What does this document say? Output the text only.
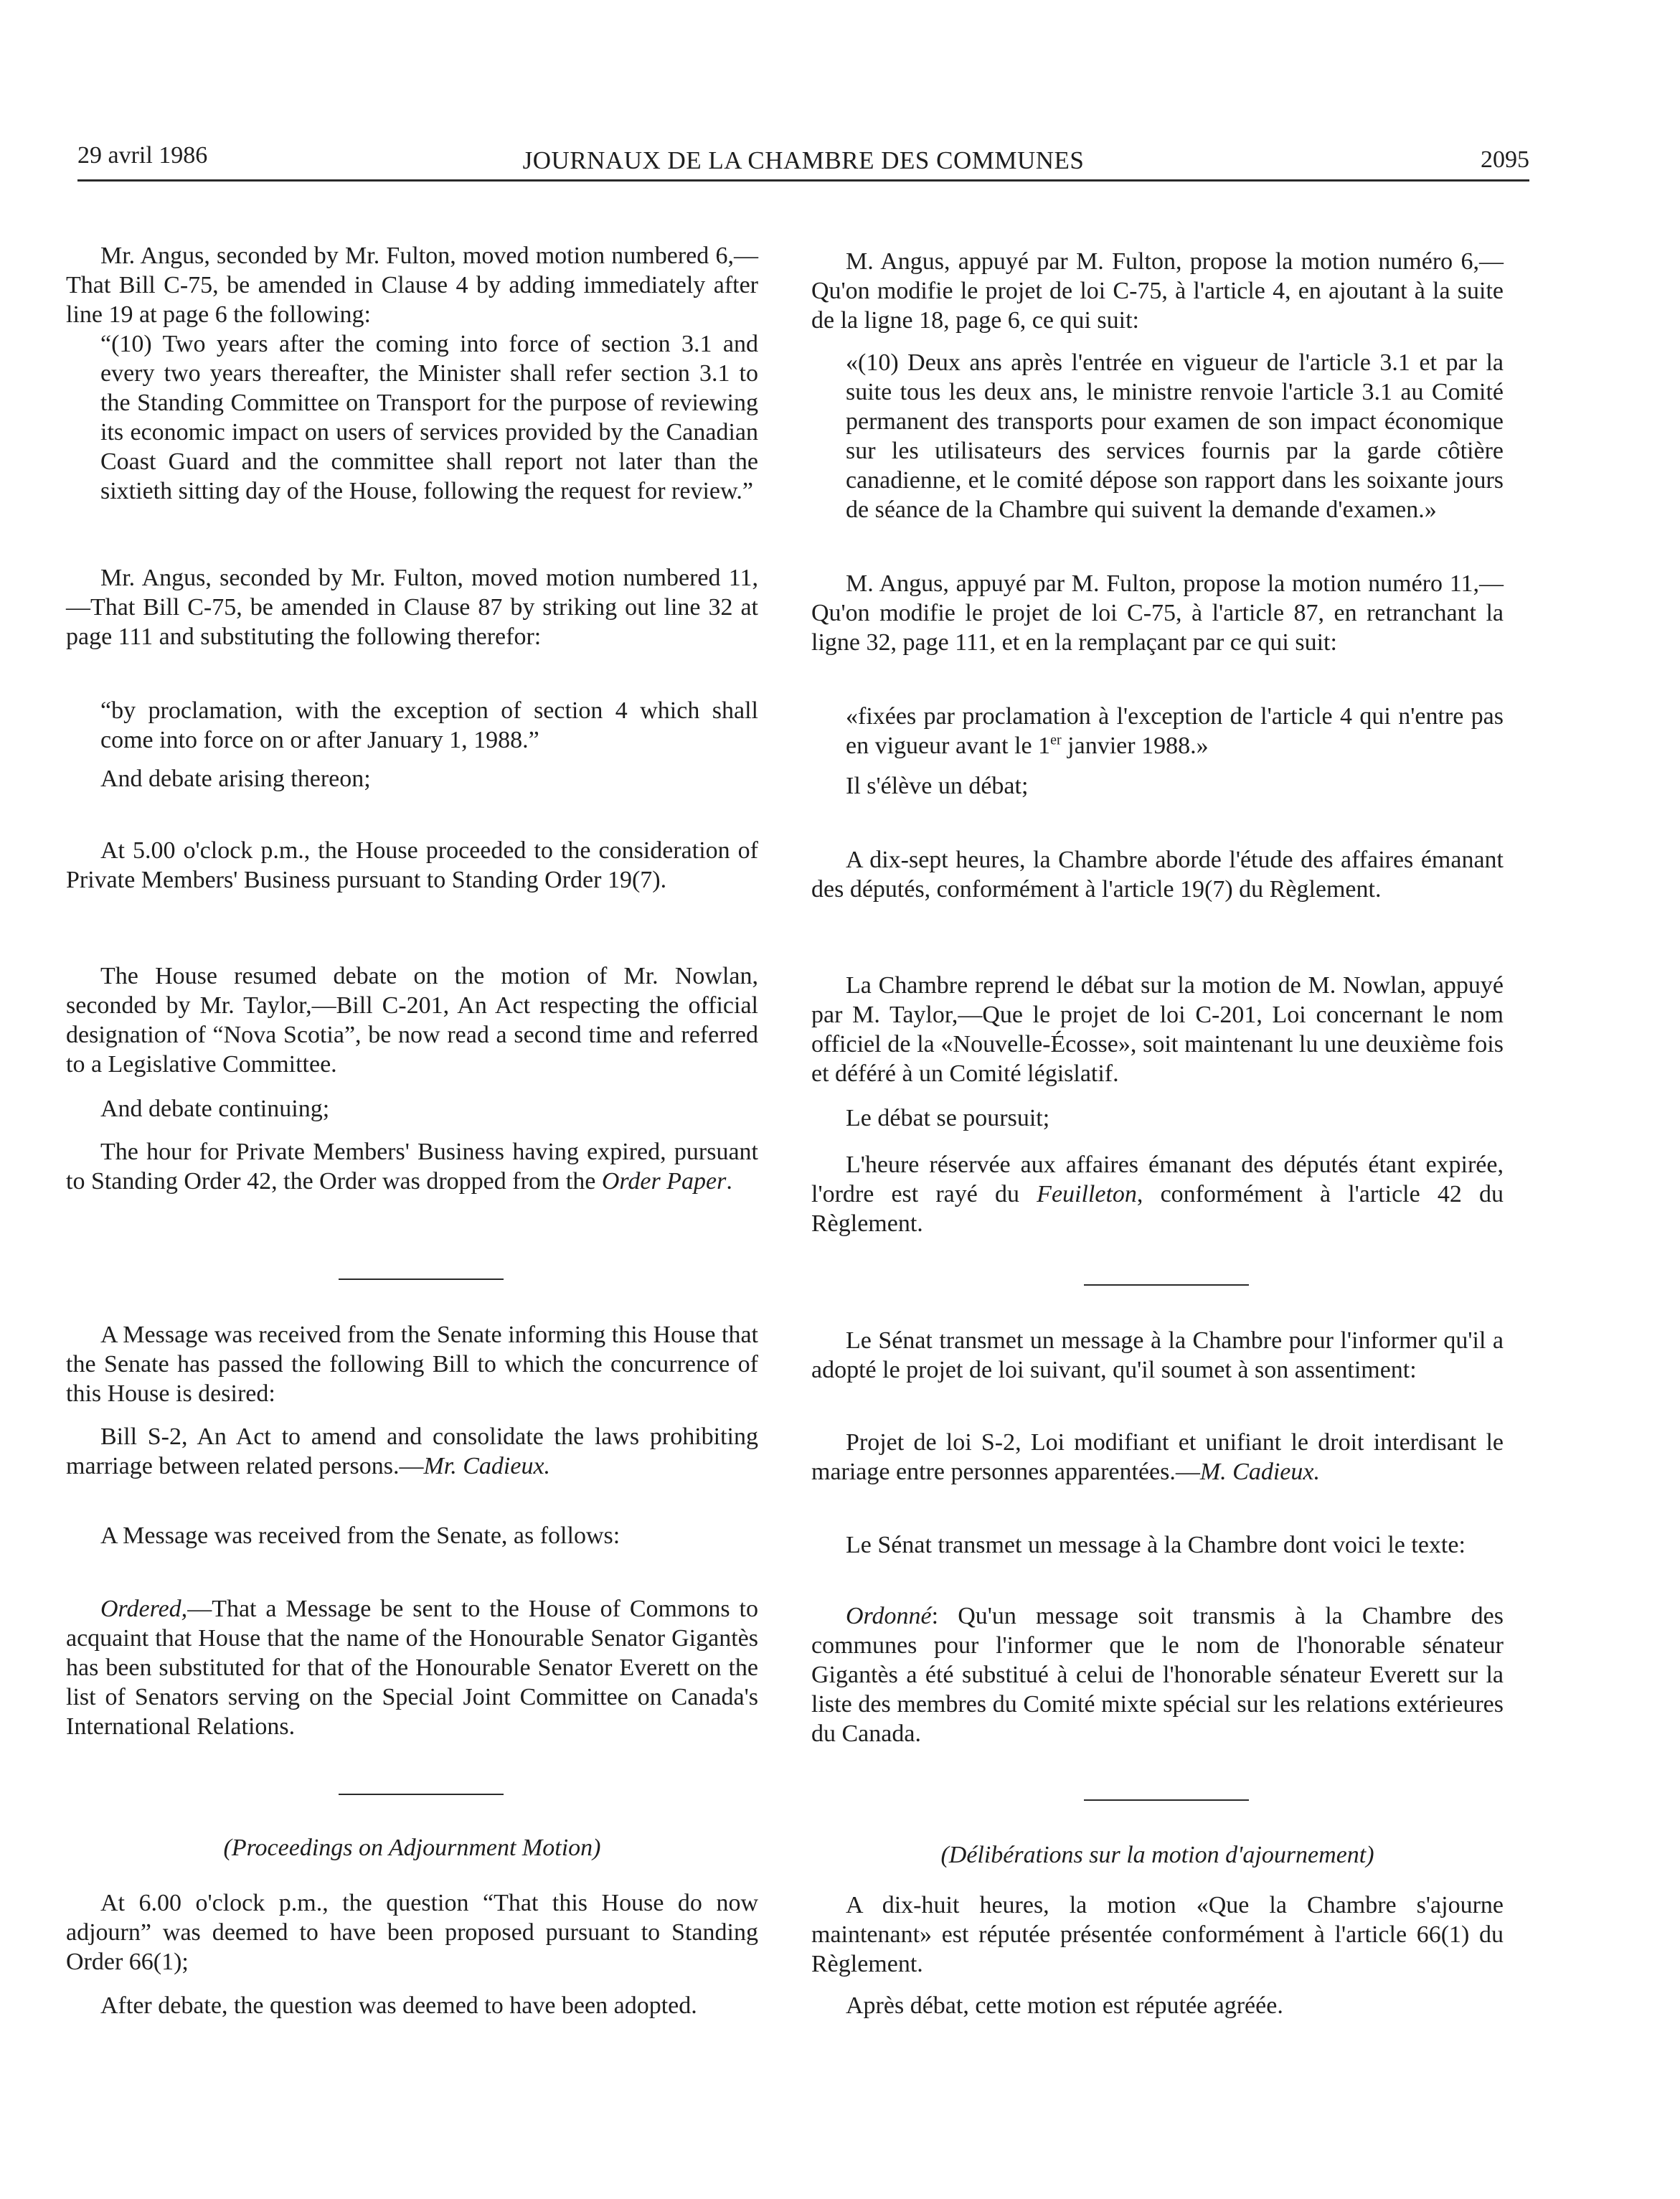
29 avril 1986	JOURNAUX DE LA CHAMBRE DES COMMUNES	2095

Mr. Angus, seconded by Mr. Fulton, moved motion numbered 6,—That Bill C-75, be amended in Clause 4 by adding immediately after line 19 at page 6 the following:

“(10) Two years after the coming into force of section 3.1 and every two years thereafter, the Minister shall refer section 3.1 to the Standing Committee on Transport for the purpose of reviewing its economic impact on users of services provided by the Canadian Coast Guard and the committee shall report not later than the sixtieth sitting day of the House, following the request for review.”

Mr. Angus, seconded by Mr. Fulton, moved motion numbered 11,—That Bill C-75, be amended in Clause 87 by striking out line 32 at page 111 and substituting the following therefor:

“by proclamation, with the exception of section 4 which shall come into force on or after January 1, 1988.”

And debate arising thereon;

At 5.00 o'clock p.m., the House proceeded to the consideration of Private Members' Business pursuant to Standing Order 19(7).

The House resumed debate on the motion of Mr. Nowlan, seconded by Mr. Taylor,—Bill C-201, An Act respecting the official designation of “Nova Scotia”, be now read a second time and referred to a Legislative Committee.

And debate continuing;

The hour for Private Members' Business having expired, pursuant to Standing Order 42, the Order was dropped from the Order Paper.

A Message was received from the Senate informing this House that the Senate has passed the following Bill to which the concurrence of this House is desired:

Bill S-2, An Act to amend and consolidate the laws prohibiting marriage between related persons.—Mr. Cadieux.

A Message was received from the Senate, as follows:

Ordered,—That a Message be sent to the House of Commons to acquaint that House that the name of the Honourable Senator Gigantès has been substituted for that of the Honourable Senator Everett on the list of Senators serving on the Special Joint Committee on Canada's International Relations.

(Proceedings on Adjournment Motion)

At 6.00 o'clock p.m., the question “That this House do now adjourn” was deemed to have been proposed pursuant to Standing Order 66(1);

After debate, the question was deemed to have been adopted.

M. Angus, appuyé par M. Fulton, propose la motion numéro 6,—Qu'on modifie le projet de loi C-75, à l'article 4, en ajoutant à la suite de la ligne 18, page 6, ce qui suit:

«(10) Deux ans après l'entrée en vigueur de l'article 3.1 et par la suite tous les deux ans, le ministre renvoie l'article 3.1 au Comité permanent des transports pour examen de son impact économique sur les utilisateurs des services fournis par la garde côtière canadienne, et le comité dépose son rapport dans les soixante jours de séance de la Chambre qui suivent la demande d'examen.»

M. Angus, appuyé par M. Fulton, propose la motion numéro 11,—Qu'on modifie le projet de loi C-75, à l'article 87, en retranchant la ligne 32, page 111, et en la remplaçant par ce qui suit:

«fixées par proclamation à l'exception de l'article 4 qui n'entre pas en vigueur avant le 1er janvier 1988.»

Il s'élève un débat;

A dix-sept heures, la Chambre aborde l'étude des affaires émanant des députés, conformément à l'article 19(7) du Règlement.

La Chambre reprend le débat sur la motion de M. Nowlan, appuyé par M. Taylor,—Que le projet de loi C-201, Loi concernant le nom officiel de la «Nouvelle-Écosse», soit maintenant lu une deuxième fois et déféré à un Comité législatif.

Le débat se poursuit;

L'heure réservée aux affaires émanant des députés étant expirée, l'ordre est rayé du Feuilleton, conformément à l'article 42 du Règlement.

Le Sénat transmet un message à la Chambre pour l'informer qu'il a adopté le projet de loi suivant, qu'il soumet à son assentiment:

Projet de loi S-2, Loi modifiant et unifiant le droit interdisant le mariage entre personnes apparentées.—M. Cadieux.

Le Sénat transmet un message à la Chambre dont voici le texte:

Ordonné: Qu'un message soit transmis à la Chambre des communes pour l'informer que le nom de l'honorable sénateur Gigantès a été substitué à celui de l'honorable sénateur Everett sur la liste des membres du Comité mixte spécial sur les relations extérieures du Canada.

(Délibérations sur la motion d'ajournement)

A dix-huit heures, la motion «Que la Chambre s'ajourne maintenant» est réputée présentée conformément à l'article 66(1) du Règlement.

Après débat, cette motion est réputée agréée.
